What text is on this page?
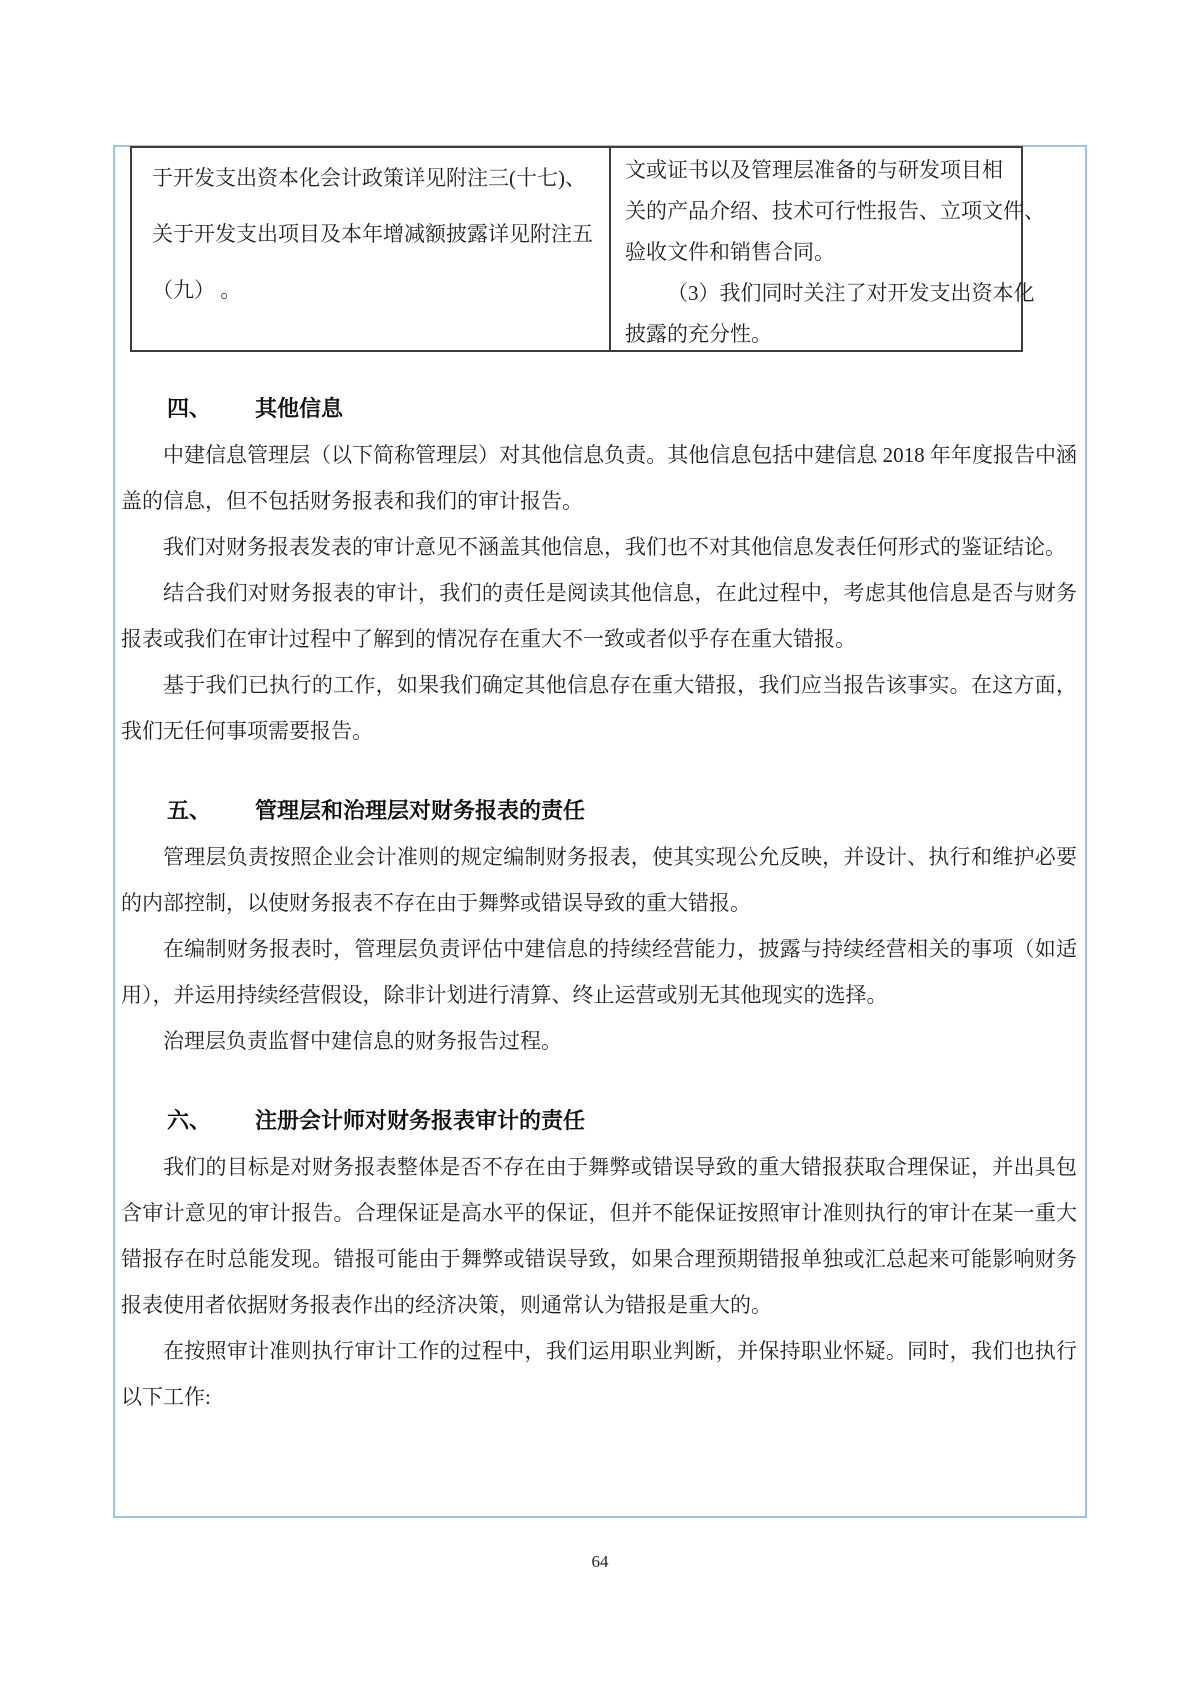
于开发支出资本化会计政策详见附注三(十七)、
关于开发支出项目及本年增减额披露详见附注五
（九） 。
文或证书以及管理层准备的与研发项目相
关的产品介绍、技术可行性报告、立项文件、
验收文件和销售合同。
（3）我们同时关注了对开发支出资本化
披露的充分性。
四、 其他信息

中建信息管理层（以下简称管理层）对其他信息负责。其他信息包括中建信息 2018 年年度报告中涵盖的信息，但不包括财务报表和我们的审计报告。

我们对财务报表发表的审计意见不涵盖其他信息，我们也不对其他信息发表任何形式的鉴证结论。

结合我们对财务报表的审计，我们的责任是阅读其他信息，在此过程中，考虑其他信息是否与财务报表或我们在审计过程中了解到的情况存在重大不一致或者似乎存在重大错报。

基于我们已执行的工作，如果我们确定其他信息存在重大错报，我们应当报告该事实。在这方面，我们无任何事项需要报告。

五、 管理层和治理层对财务报表的责任

管理层负责按照企业会计准则的规定编制财务报表，使其实现公允反映，并设计、执行和维护必要的内部控制，以使财务报表不存在由于舞弊或错误导致的重大错报。

在编制财务报表时，管理层负责评估中建信息的持续经营能力，披露与持续经营相关的事项（如适用），并运用持续经营假设，除非计划进行清算、终止运营或别无其他现实的选择。

治理层负责监督中建信息的财务报告过程。

六、 注册会计师对财务报表审计的责任

我们的目标是对财务报表整体是否不存在由于舞弊或错误导致的重大错报获取合理保证，并出具包含审计意见的审计报告。合理保证是高水平的保证，但并不能保证按照审计准则执行的审计在某一重大错报存在时总能发现。错报可能由于舞弊或错误导致，如果合理预期错报单独或汇总起来可能影响财务报表使用者依据财务报表作出的经济决策，则通常认为错报是重大的。

在按照审计准则执行审计工作的过程中，我们运用职业判断，并保持职业怀疑。同时，我们也执行以下工作:

64
